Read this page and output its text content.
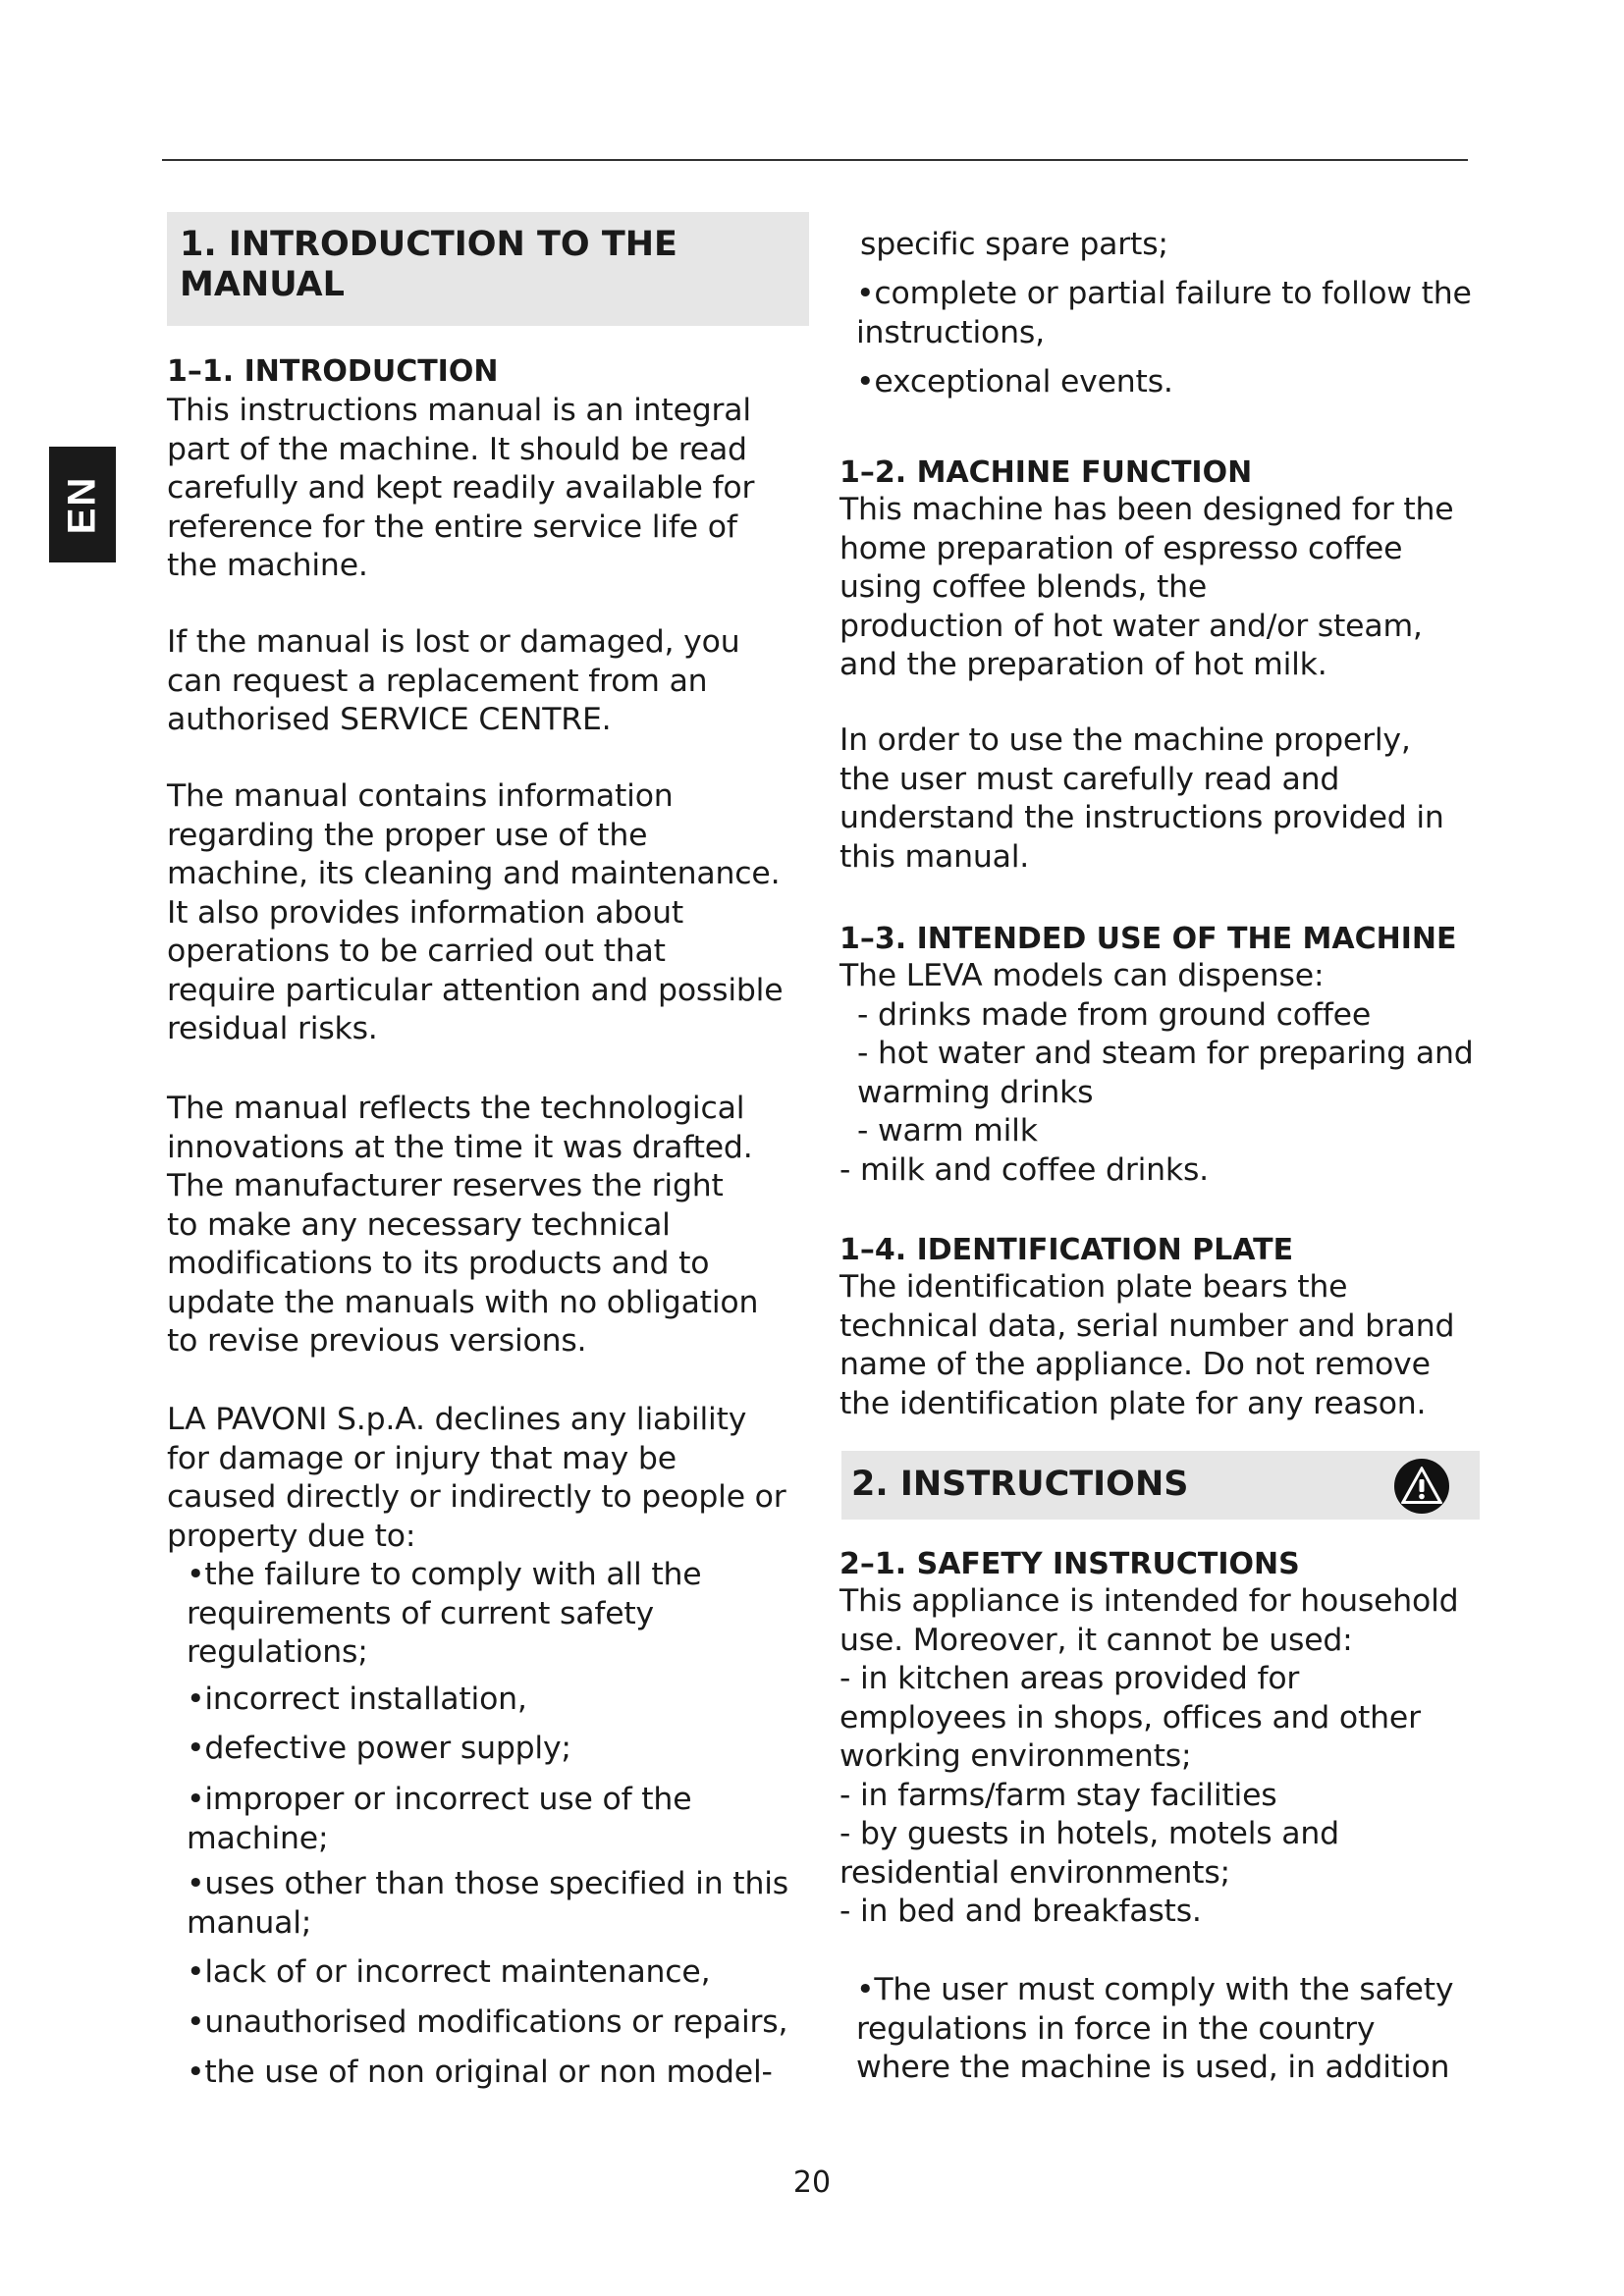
EN
1. INTRODUCTION TO THE
MANUAL
1–1. INTRODUCTION
This instructions manual is an integral
part of the machine. It should be read
carefully and kept readily available for
reference for the entire service life of
the machine.
If the manual is lost or damaged, you
can request a replacement from an
authorised SERVICE CENTRE.
The manual contains information
regarding the proper use of the
machine, its cleaning and maintenance.
It also provides information about
operations to be carried out that
require particular attention and possible
residual risks.
The manual reflects the technological
innovations at the time it was drafted.
The manufacturer reserves the right
to make any necessary technical
modifications to its products and to
update the manuals with no obligation
to revise previous versions.
LA PAVONI S.p.A. declines any liability
for damage or injury that may be
caused directly or indirectly to people or
property due to:
•the failure to comply with all the
requirements of current safety
regulations;
•incorrect installation,
•defective power supply;
•improper or incorrect use of the
machine;
•uses other than those specified in this
manual;
•lack of or incorrect maintenance,
•unauthorised modifications or repairs,
•the use of non original or non model-
specific spare parts;
•complete or partial failure to follow the
instructions,
•exceptional events.
1–2. MACHINE FUNCTION
This machine has been designed for the
home preparation of espresso coffee
using coffee blends, the
production of hot water and/or steam,
and the preparation of hot milk.
In order to use the machine properly,
the user must carefully read and
understand the instructions provided in
this manual.
1–3. INTENDED USE OF THE MACHINE
The LEVA models can dispense:
- drinks made from ground coffee
- hot water and steam for preparing and
warming drinks
- warm milk
- milk and coffee drinks.
1–4. IDENTIFICATION PLATE
The identification plate bears the
technical data, serial number and brand
name of the appliance. Do not remove
the identification plate for any reason.
2. INSTRUCTIONS
2–1. SAFETY INSTRUCTIONS
This appliance is intended for household
use. Moreover, it cannot be used:
- in kitchen areas provided for
employees in shops, offices and other
working environments;
- in farms/farm stay facilities
- by guests in hotels, motels and
residential environments;
- in bed and breakfasts.
•The user must comply with the safety
regulations in force in the country
where the machine is used, in addition
20
